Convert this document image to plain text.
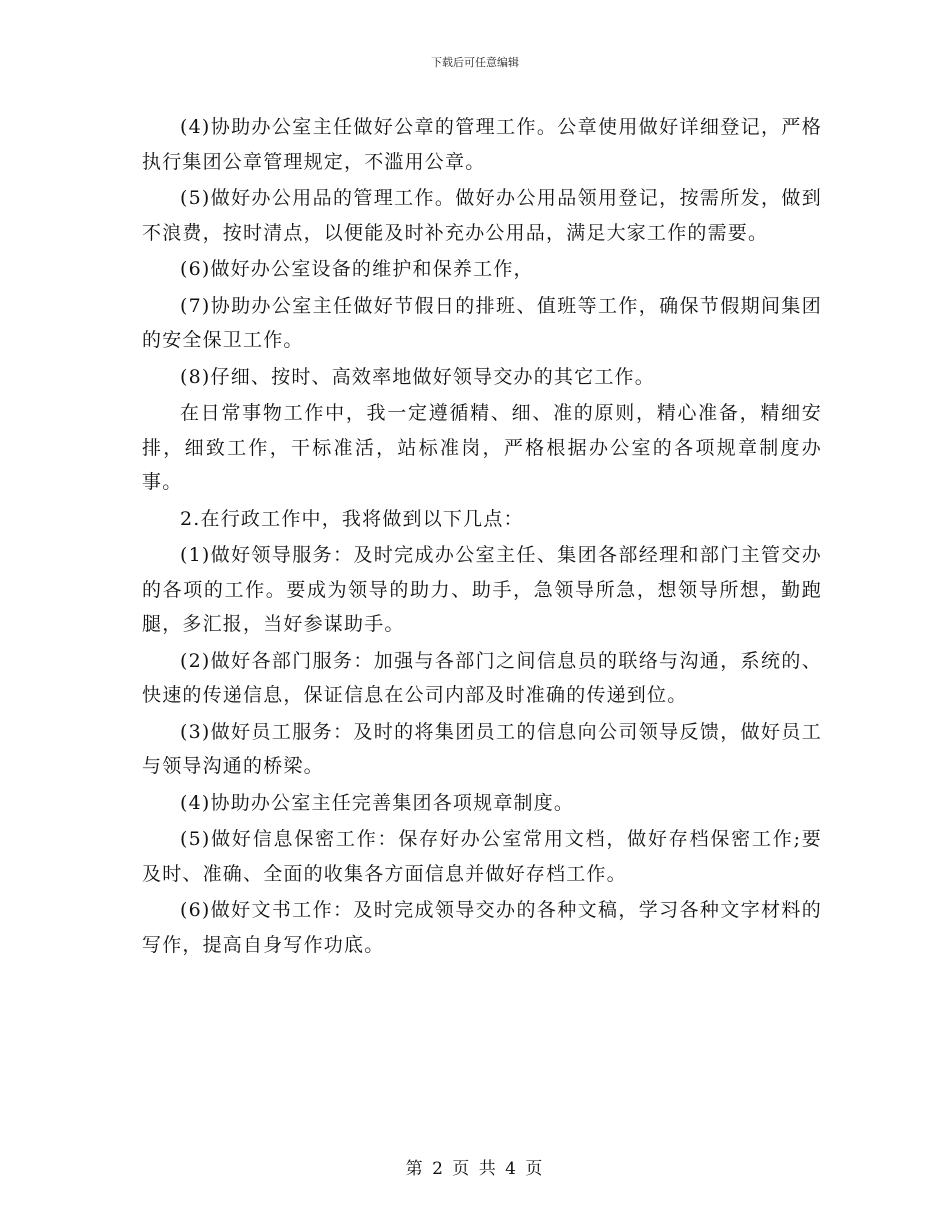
下载后可任意编辑

(4)协助办公室主任做好公章的管理工作。公章使用做好详细登记，严格执行集团公章管理规定，不滥用公章。

(5)做好办公用品的管理工作。做好办公用品领用登记，按需所发，做到不浪费，按时清点，以便能及时补充办公用品，满足大家工作的需要。

(6)做好办公室设备的维护和保养工作，

(7)协助办公室主任做好节假日的排班、值班等工作，确保节假期间集团的安全保卫工作。

(8)仔细、按时、高效率地做好领导交办的其它工作。

在日常事物工作中，我一定遵循精、细、准的原则，精心准备，精细安排，细致工作，干标准活，站标准岗，严格根据办公室的各项规章制度办事。

2.在行政工作中，我将做到以下几点：

(1)做好领导服务：及时完成办公室主任、集团各部经理和部门主管交办的各项的工作。要成为领导的助力、助手，急领导所急，想领导所想，勤跑腿，多汇报，当好参谋助手。

(2)做好各部门服务：加强与各部门之间信息员的联络与沟通，系统的、快速的传递信息，保证信息在公司内部及时准确的传递到位。

(3)做好员工服务：及时的将集团员工的信息向公司领导反馈，做好员工与领导沟通的桥梁。

(4)协助办公室主任完善集团各项规章制度。

(5)做好信息保密工作：保存好办公室常用文档，做好存档保密工作;要及时、准确、全面的收集各方面信息并做好存档工作。

(6)做好文书工作：及时完成领导交办的各种文稿，学习各种文字材料的写作，提高自身写作功底。

第 2 页 共 4 页
